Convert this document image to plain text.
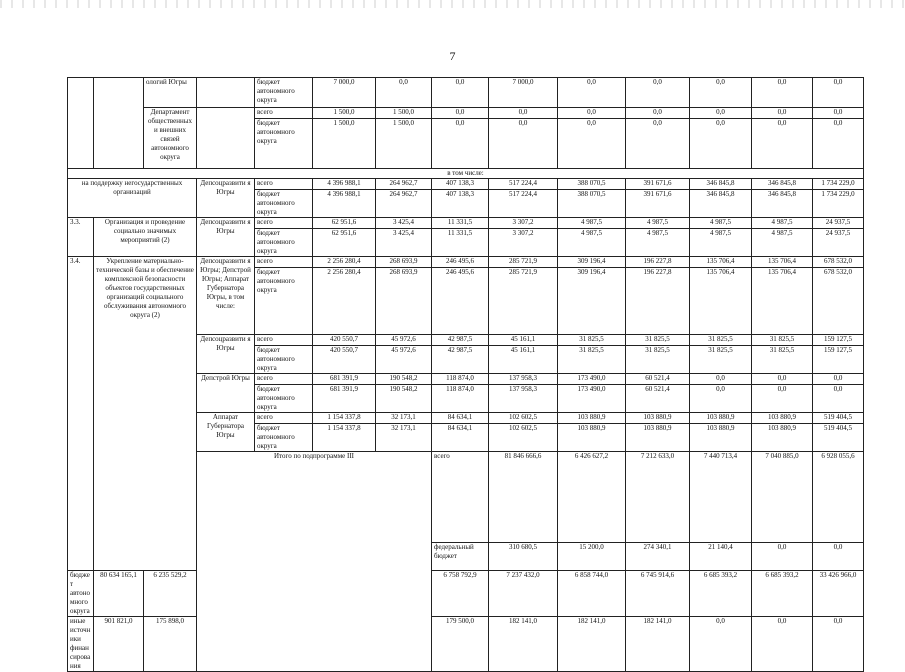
7
		ологий Югры		бюджет автономного округа	7 000,0	0,0	0,0	7 000,0	0,0	0,0	0,0	0,0	0,0	
		Департамент общественных и внешних связей автономного округа		всего	1 500,0	1 500,0	0,0	0,0	0,0	0,0	0,0	0,0	0,0	
				бюджет автономного округа	1 500,0	1 500,0	0,0	0,0	0,0	0,0	0,0	0,0	0,0	
в том числе:														
на поддержку негосударственных организаций			Депсоцразвити я Югры	всего	4 396 988,1	264 962,7	407 138,3	517 224,4	388 070,5	391 671,6	346 845,8	346 845,8	1 734 229,0	
				бюджет автономного округа	4 396 988,1	264 962,7	407 138,3	517 224,4	388 070,5	391 671,6	346 845,8	346 845,8	1 734 229,0	
3.3.	Организация и проведение социально значимых мероприятий (2)		Депсоцразвити я Югры	всего	62 951,6	3 425,4	11 331,5	3 307,2	4 987,5	4 987,5	4 987,5	4 987,5	24 937,5	
				бюджет автономного округа	62 951,6	3 425,4	11 331,5	3 307,2	4 987,5	4 987,5	4 987,5	4 987,5	24 937,5	
3.4.	Укрепление материально-технической базы и обеспечение комплексной безопасности объектов государственных организаций социального обслуживания автономного округа (2)		Депсоцразвити я Югры; Депстрой Югры; Аппарат Губернатора Югры, в том числе:	всего	2 256 280,4	268 693,9	246 495,6	285 721,9	309 196,4	196 227,8	135 706,4	135 706,4	678 532,0	
				бюджет автономного округа	2 256 280,4	268 693,9	246 495,6	285 721,9	309 196,4	196 227,8	135 706,4	135 706,4	678 532,0	
			Депсоцразвити я Югры	всего	420 550,7	45 972,6	42 987,5	45 161,1	31 825,5	31 825,5	31 825,5	31 825,5	159 127,5	
				бюджет автономного округа	420 550,7	45 972,6	42 987,5	45 161,1	31 825,5	31 825,5	31 825,5	31 825,5	159 127,5	
			Депстрой Югры	всего	681 391,9	190 548,2	118 874,0	137 958,3	173 490,0	60 521,4	0,0	0,0	0,0	
				бюджет автономного округа	681 391,9	190 548,2	118 874,0	137 958,3	173 490,0	60 521,4	0,0	0,0	0,0	
			Аппарат Губернатора Югры	всего	1 154 337,8	32 173,1	84 634,1	102 602,5	103 880,9	103 880,9	103 880,9	103 880,9	519 404,5	
				бюджет автономного округа	1 154 337,8	32 173,1	84 634,1	102 602,5	103 880,9	103 880,9	103 880,9	103 880,9	519 404,5	
			Итого по подпрограмме III				всего	81 846 666,6	6 426 627,2	7 212 633,0	7 440 713,4	7 040 885,0	6 928 055,6			
							федеральный бюджет	310 680,5	15 200,0	274 340,1	21 140,4	0,0	0,0			
бюджет автономного округа	80 634 165,1	6 235 529,2					6 758 792,9	7 237 432,0	6 858 744,0	6 745 914,6	6 685 393,2	6 685 393,2	33 426 966,0	
иные источники финансирова ния	901 821,0	175 898,0					179 500,0	182 141,0	182 141,0	182 141,0	0,0	0,0	0,0	
